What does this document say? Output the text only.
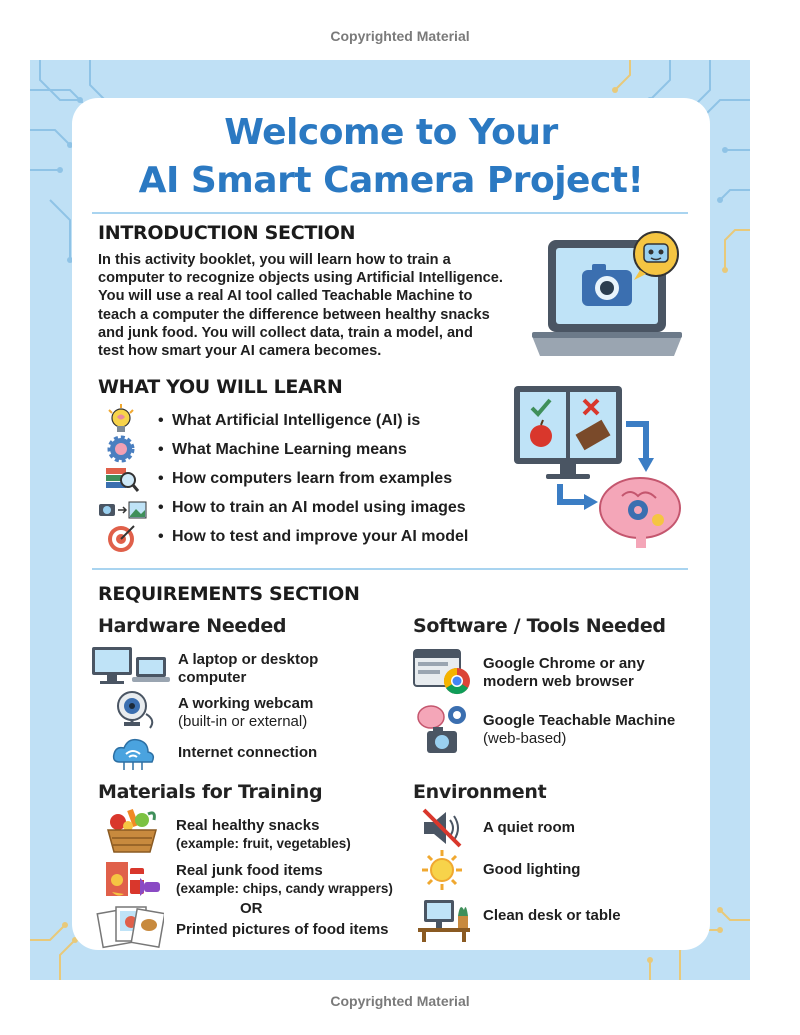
Copyrighted Material
Welcome to Your
AI Smart Camera Project!
INTRODUCTION SECTION
In this activity booklet, you will learn how to train a
computer to recognize objects using Artificial Intelligence.
You will use a real AI tool called Teachable Machine to
teach a computer the difference between healthy snacks
and junk food. You will collect data, train a model, and
test how smart your AI camera becomes.
WHAT YOU WILL LEARN
• What Artificial Intelligence (AI) is
• What Machine Learning means
• How computers learn from examples
• How to train an AI model using images
• How to test and improve your AI model
REQUIREMENTS SECTION
Hardware Needed	Software / Tools Needed
A laptop or desktop
computer
A working webcam
(built-in or external)
Internet connection
Google Chrome or any
modern web browser
Google Teachable Machine
(web-based)
Materials for Training	Environment
Real healthy snacks
(example: fruit, vegetables)
Real junk food items
(example: chips, candy wrappers)
OR
Printed pictures of food items
A quiet room
Good lighting
Clean desk or table
Copyrighted Material
